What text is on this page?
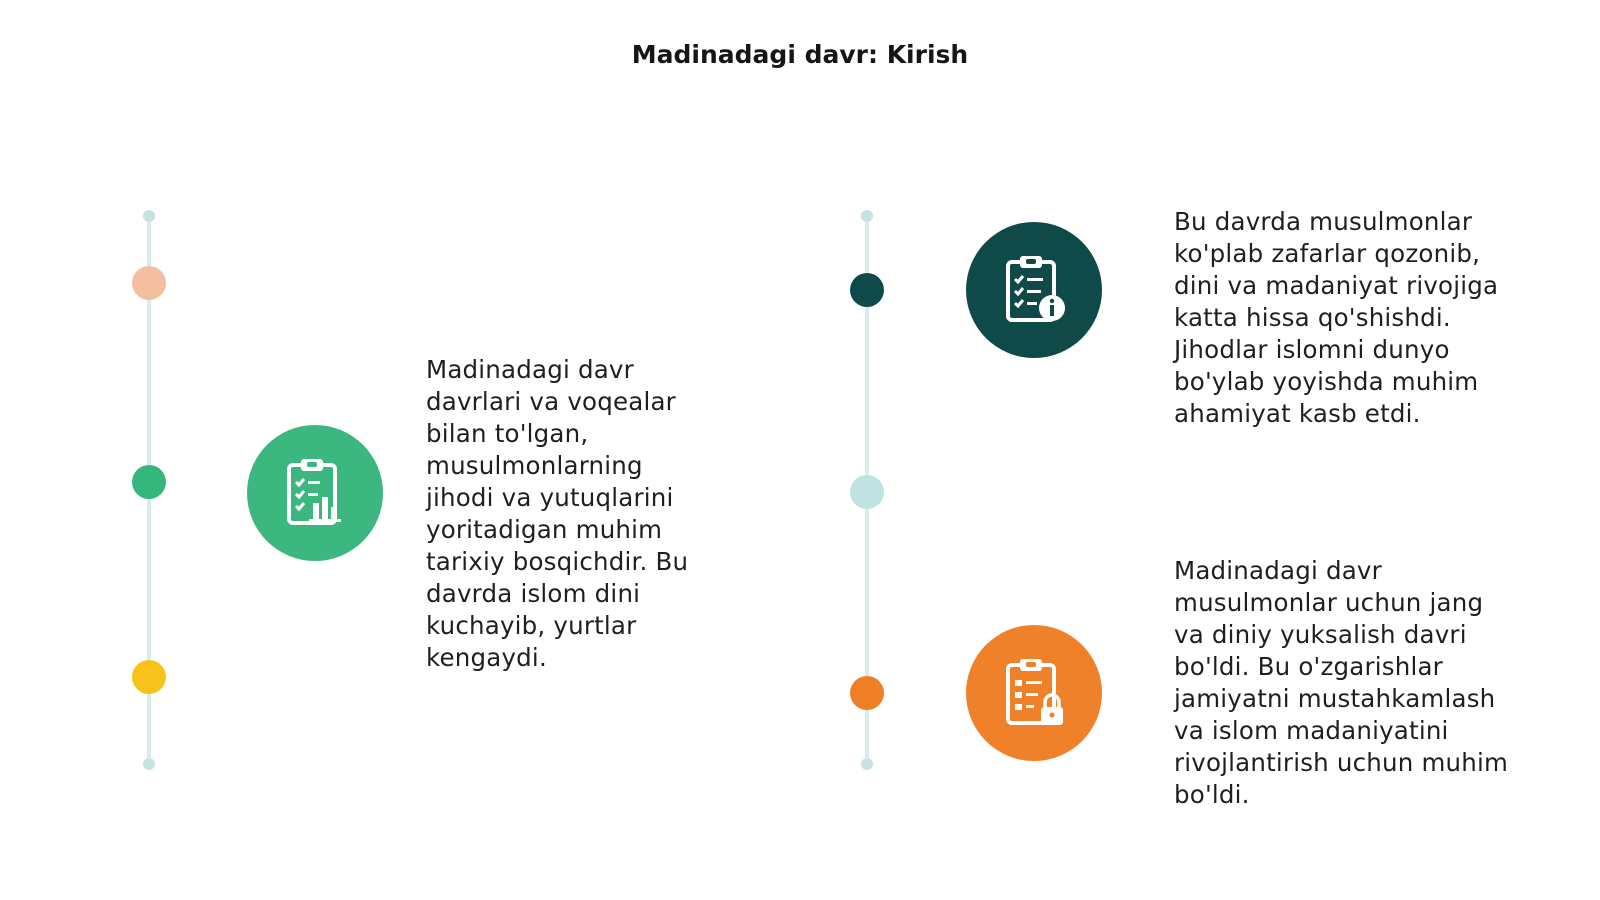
Madinadagi davr: Kirish
Madinadagi davr
davrlari va voqealar
bilan to'lgan,
musulmonlarning
jihodi va yutuqlarini
yoritadigan muhim
tarixiy bosqichdir. Bu
davrda islom dini
kuchayib, yurtlar
kengaydi.
Bu davrda musulmonlar
ko'plab zafarlar qozonib,
dini va madaniyat rivojiga
katta hissa qo'shishdi.
Jihodlar islomni dunyo
bo'ylab yoyishda muhim
ahamiyat kasb etdi.
Madinadagi davr
musulmonlar uchun jang
va diniy yuksalish davri
bo'ldi. Bu o'zgarishlar
jamiyatni mustahkamlash
va islom madaniyatini
rivojlantirish uchun muhim
bo'ldi.
